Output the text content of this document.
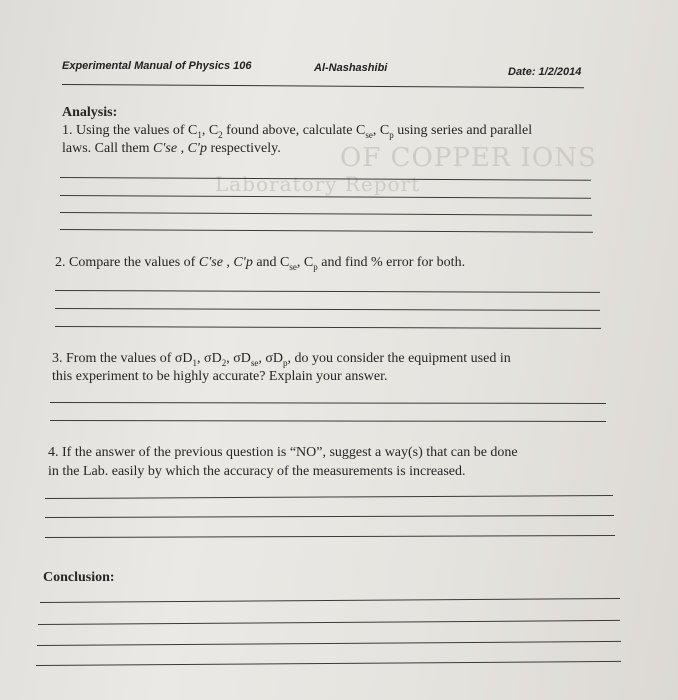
OF COPPER IONS
Laboratory Report
Experimental Manual of Physics 106	Al-Nashashibi	Date: 1/2/2014
Analysis:
1. Using the values of $C_1$, $C_2$ found above, calculate $C_{se}$, $C_p$ using series and parallel
laws. Call them C′se , C′p respectively.
2. Compare the values of C′se , C′p and $C_{se}$, $C_p$ and find % error for both.
3. From the values of $\sigma D_1$, $\sigma D_2$, $\sigma D_{se}$, $\sigma D_p$, do you consider the equipment used in
this experiment to be highly accurate? Explain your answer.
4. If the answer of the previous question is “NO”, suggest a way(s) that can be done
in the Lab. easily by which the accuracy of the measurements is increased.
Conclusion:
